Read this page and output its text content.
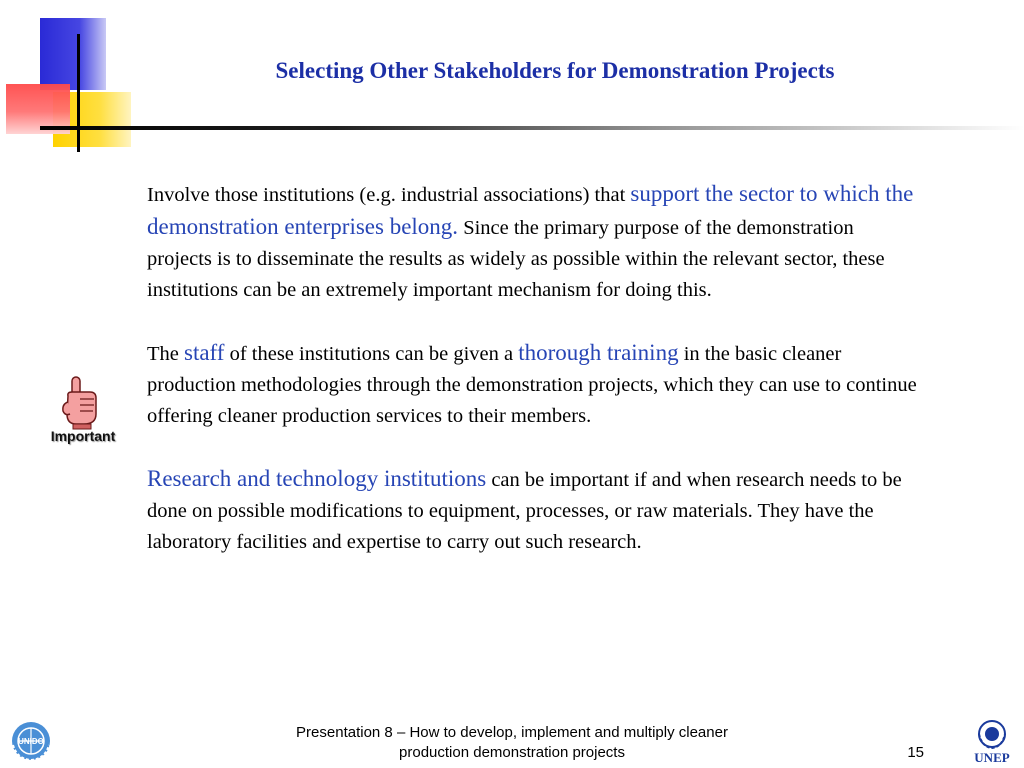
Selecting Other Stakeholders for Demonstration Projects
Important

Involve those institutions (e.g. industrial associations) that support the sector to which the demonstration enterprises belong. Since the primary purpose of the demonstration projects is to disseminate the results as widely as possible within the relevant sector, these institutions can be an extremely important mechanism for doing this.

The staff of these institutions can be given a thorough training in the basic cleaner production methodologies through the demonstration projects, which they can use to continue offering cleaner production services to their members.

Research and technology institutions can be important if and when research needs to be done on possible modifications to equipment, processes, or raw materials. They have the laboratory facilities and expertise to carry out such research.

UNIDO
Presentation 8 – How to develop, implement and multiply cleaner
production demonstration projects	15	UNEP
